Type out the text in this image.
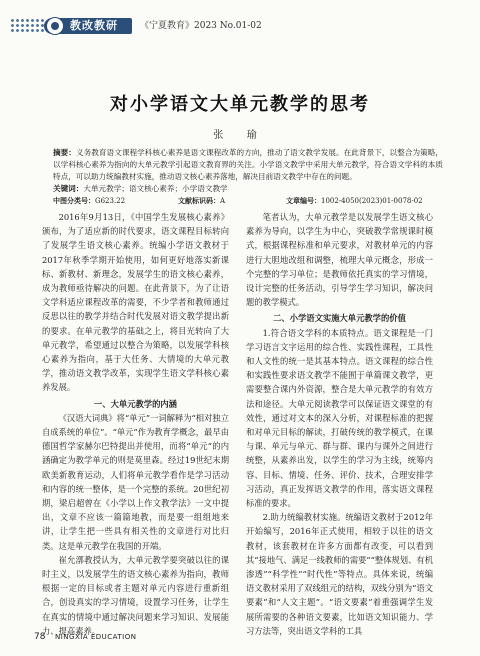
教改教研 《宁夏教育》2023 No.01-02
对小学语文大单元教学的思考
张 瑜
摘要：义务教育语文课程学科核心素养是语文课程改革的方向，推动了语文教学发展。在此背景下，以整合为策略，以学科核心素养为指向的大单元教学引起语文教育界的关注。小学语文教学中采用大单元教学，符合语文学科的本质特点，可以助力统编教材实施，推动语文核心素养落地，解决目前语文教学中存在的问题。
关键词：大单元教学；语文核心素养；小学语文教学
中图分类号：G623.22	文献标识码：A	文章编号：1002-4050(2023)01-0078-02

2016年9月13日，《中国学生发展核心素养》颁布，为了适应新的时代要求，语文课程目标转向了发展学生语文核心素养。统编小学语文教材于2017年秋季学期开始使用，如何更好地落实新课标、新教材、新理念，发展学生的语文核心素养，成为教师亟待解决的问题。在此背景下，为了让语文学科适应课程改革的需要，不少学者和教师通过反思以往的教学并结合时代发展对语文教学提出新的要求。在单元教学的基础之上，将目光转向了大单元教学，希望通过以整合为策略，以发展学科核心素养为指向，基于大任务、大情境的大单元教学，推动语文教学改革，实现学生语文学科核心素养发展。

一、大单元教学的内涵

《汉语大词典》将“单元”一词解释为“相对独立自成系统的单位”。“单元”作为教育学概念，最早由德国哲学家赫尔巴特提出并使用，而将“单元”的内涵确定为教学单元的则是莫里森。经过19世纪末期欧美新教育运动，人们将单元教学看作是学习活动和内容的统一整体，是一个完整的系统。20世纪初期，梁启超曾在《小学以上作文教学法》一文中提出，文章不应该一篇篇地教，而是要一组组地来讲，让学生把一些具有相关性的文章进行对比归类。这是单元教学在我国的开端。

崔允漷教授认为，大单元教学要突破以往的课时主义，以发展学生的语文核心素养为指向，教师根据一定的目标或者主题对单元内容进行重新组合，创设真实的学习情境，设置学习任务，让学生在真实的情境中通过解决问题来学习知识、发展能力、提高素养。

笔者认为，大单元教学是以发展学生语文核心素养为导向，以学生为中心，突破教学常规课时模式，根据课程标准和单元要求，对教材单元的内容进行大胆地改组和调整，梳理大单元概念，形成一个完整的学习单位；是教师依托真实的学习情境，设计完整的任务活动，引导学生学习知识，解决问题的教学模式。

二、小学语文实施大单元教学的价值

1.符合语文学科的本质特点。语文课程是一门学习语言文字运用的综合性、实践性课程，工具性和人文性的统一是其基本特点。语文课程的综合性和实践性要求语文教学不能囿于单篇课文教学，更需要整合课内外资源，整合是大单元教学的有效方法和途径。大单元阅读教学可以保证语文课堂的有效性，通过对文本的深入分析，对课程标准的把握和对单元目标的解读，打破传统的教学模式，在课与课、单元与单元、群与群、课内与课外之间进行统整，从素养出发，以学生的学习为主线，统筹内容、目标、情境、任务、评价、技术，合理安排学习活动，真正发挥语文教学的作用，落实语文课程标准的要求。

2.助力统编教材实施。统编语文教材于2012年开始编写，2016年正式使用，相较于以往的语文教材，该套教材在许多方面都有改变，可以看到其“接地气、满足一线教师的需要”“整体规划、有机渗透”“科学性”“时代性”等特点。具体来说，统编语文教材采用了双线组元的结构，双线分别为“语文要素”和“人文主题”。“语文要素”着重强调学生发展所需要的各种语文要素，比如语文知识能力、学习方法等，突出语文学科的工具

78 NINGXIA EDUCATION
